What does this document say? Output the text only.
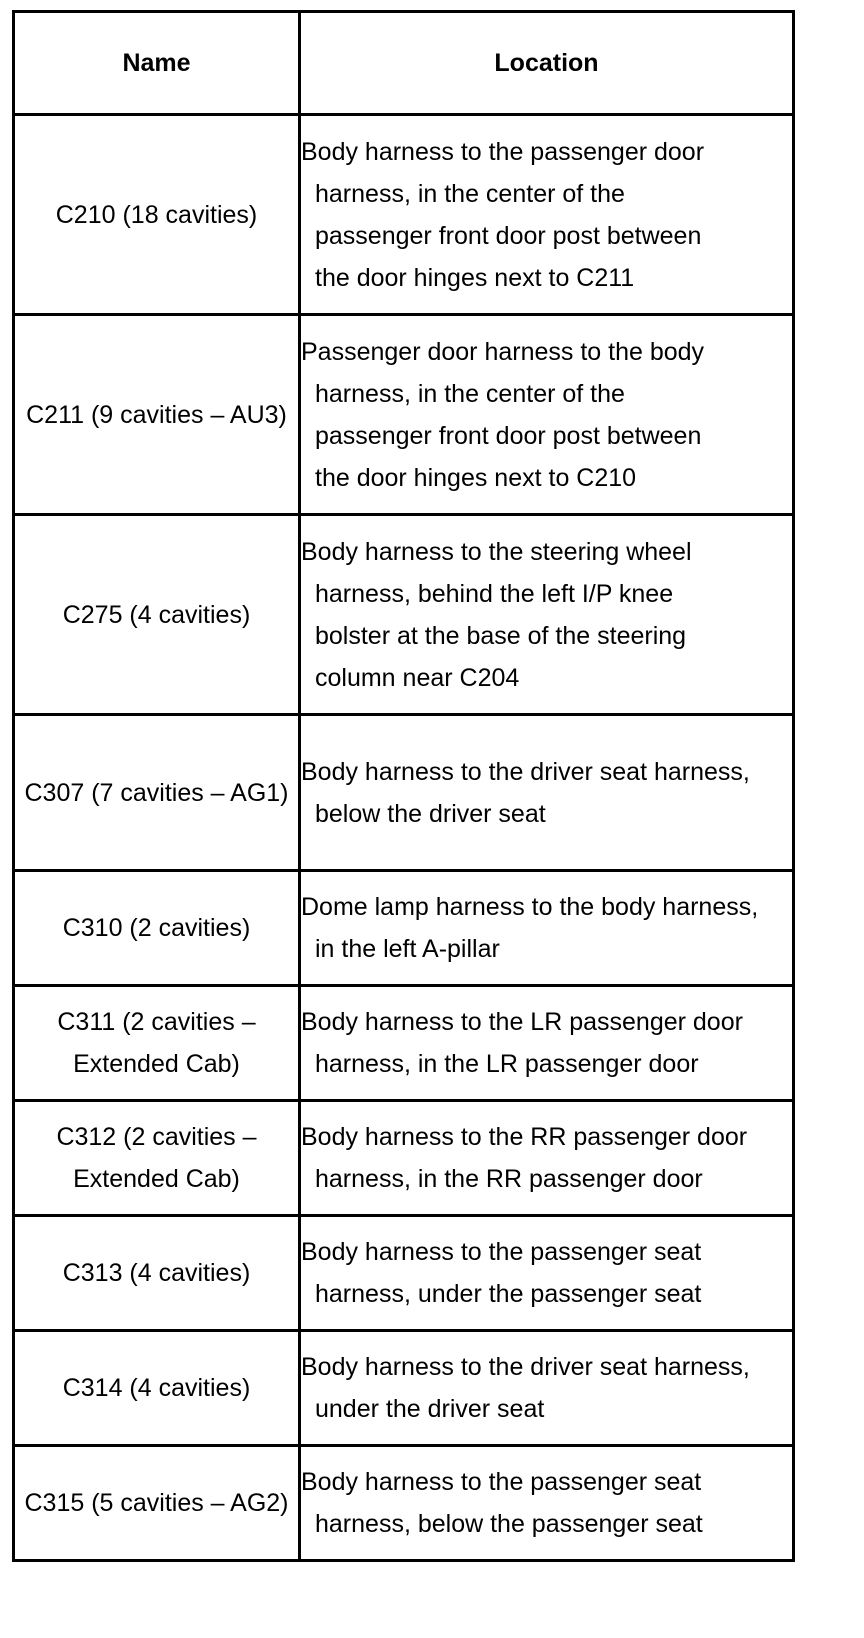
Name	Location
C210 (18 cavities)	Body harness to the passenger door
harness, in the center of the
passenger front door post between
the door hinges next to C211

C211 (9 cavities – AU3)	Passenger door harness to the body
harness, in the center of the
passenger front door post between
the door hinges next to C210

C275 (4 cavities)	Body harness to the steering wheel
harness, behind the left I/P knee
bolster at the base of the steering
column near C204

C307 (7 cavities – AG1)	Body harness to the driver seat harness,
below the driver seat

C310 (2 cavities)	Dome lamp harness to the body harness,
in the left A-pillar

C311 (2 cavities – Extended Cab)	Body harness to the LR passenger door
harness, in the LR passenger door

C312 (2 cavities – Extended Cab)	Body harness to the RR passenger door
harness, in the RR passenger door

C313 (4 cavities)	Body harness to the passenger seat
harness, under the passenger seat

C314 (4 cavities)	Body harness to the driver seat harness,
under the driver seat

C315 (5 cavities – AG2)	Body harness to the passenger seat
harness, below the passenger seat
